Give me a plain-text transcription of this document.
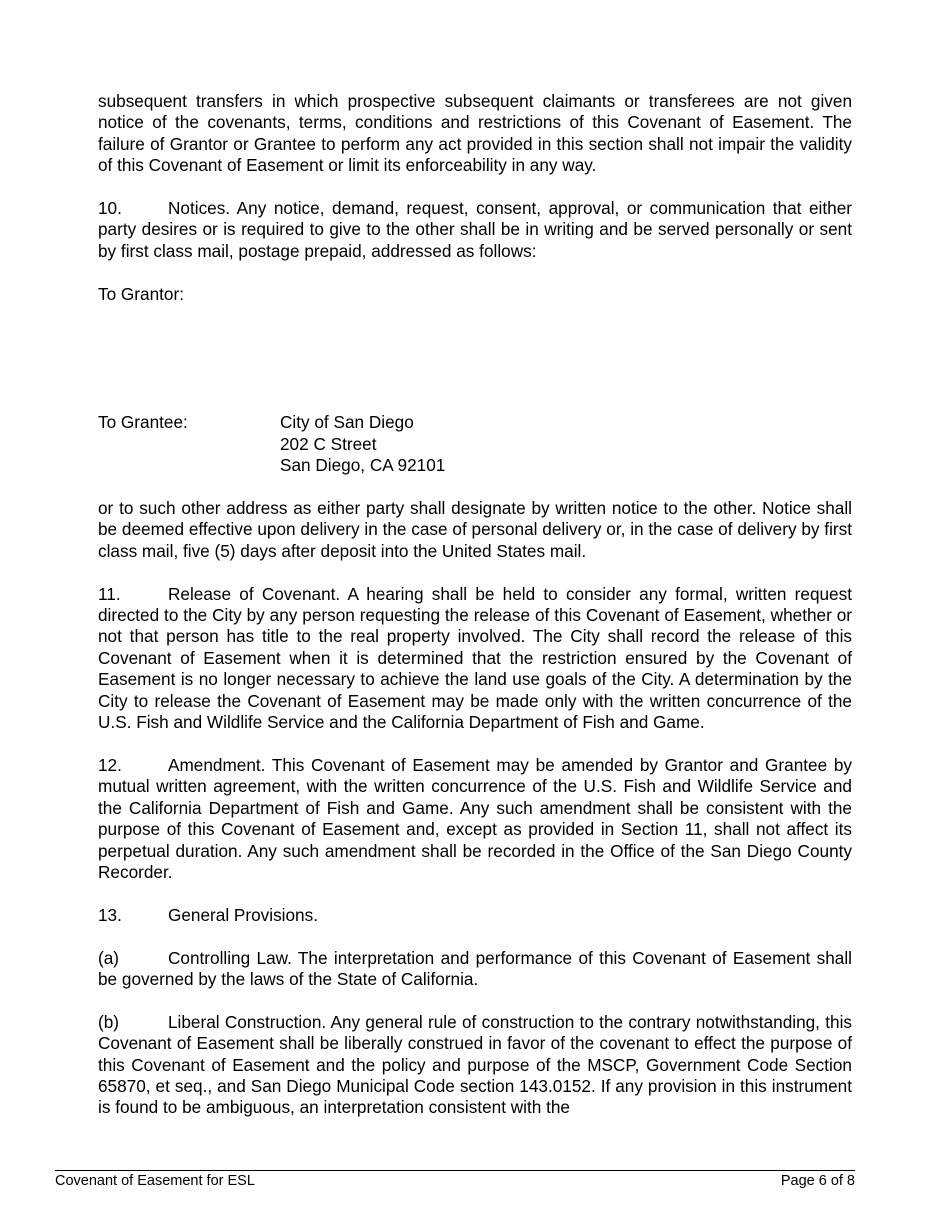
subsequent transfers in which prospective subsequent claimants or transferees are not given notice of the covenants, terms, conditions and restrictions of this Covenant of Easement. The failure of Grantor or Grantee to perform any act provided in this section shall not impair the validity of this Covenant of Easement or limit its enforceability in any way.

10.	Notices. Any notice, demand, request, consent, approval, or communication that either party desires or is required to give to the other shall be in writing and be served personally or sent by first class mail, postage prepaid, addressed as follows:

To Grantor:
To Grantee:	City of San Diego
202 C Street
San Diego, CA 92101

or to such other address as either party shall designate by written notice to the other. Notice shall be deemed effective upon delivery in the case of personal delivery or, in the case of delivery by first class mail, five (5) days after deposit into the United States mail.

11.	Release of Covenant. A hearing shall be held to consider any formal, written request directed to the City by any person requesting the release of this Covenant of Easement, whether or not that person has title to the real property involved. The City shall record the release of this Covenant of Easement when it is determined that the restriction ensured by the Covenant of Easement is no longer necessary to achieve the land use goals of the City. A determination by the City to release the Covenant of Easement may be made only with the written concurrence of the U.S. Fish and Wildlife Service and the California Department of Fish and Game.

12.	Amendment. This Covenant of Easement may be amended by Grantor and Grantee by mutual written agreement, with the written concurrence of the U.S. Fish and Wildlife Service and the California Department of Fish and Game. Any such amendment shall be consistent with the purpose of this Covenant of Easement and, except as provided in Section 11, shall not affect its perpetual duration. Any such amendment shall be recorded in the Office of the San Diego County Recorder.

13.	General Provisions.

(a)	Controlling Law. The interpretation and performance of this Covenant of Easement shall be governed by the laws of the State of California.

(b)	Liberal Construction. Any general rule of construction to the contrary notwithstanding, this Covenant of Easement shall be liberally construed in favor of the covenant to effect the purpose of this Covenant of Easement and the policy and purpose of the MSCP, Government Code Section 65870, et seq., and San Diego Municipal Code section 143.0152. If any provision in this instrument is found to be ambiguous, an interpretation consistent with the

Covenant of Easement for ESL	Page 6 of 8
